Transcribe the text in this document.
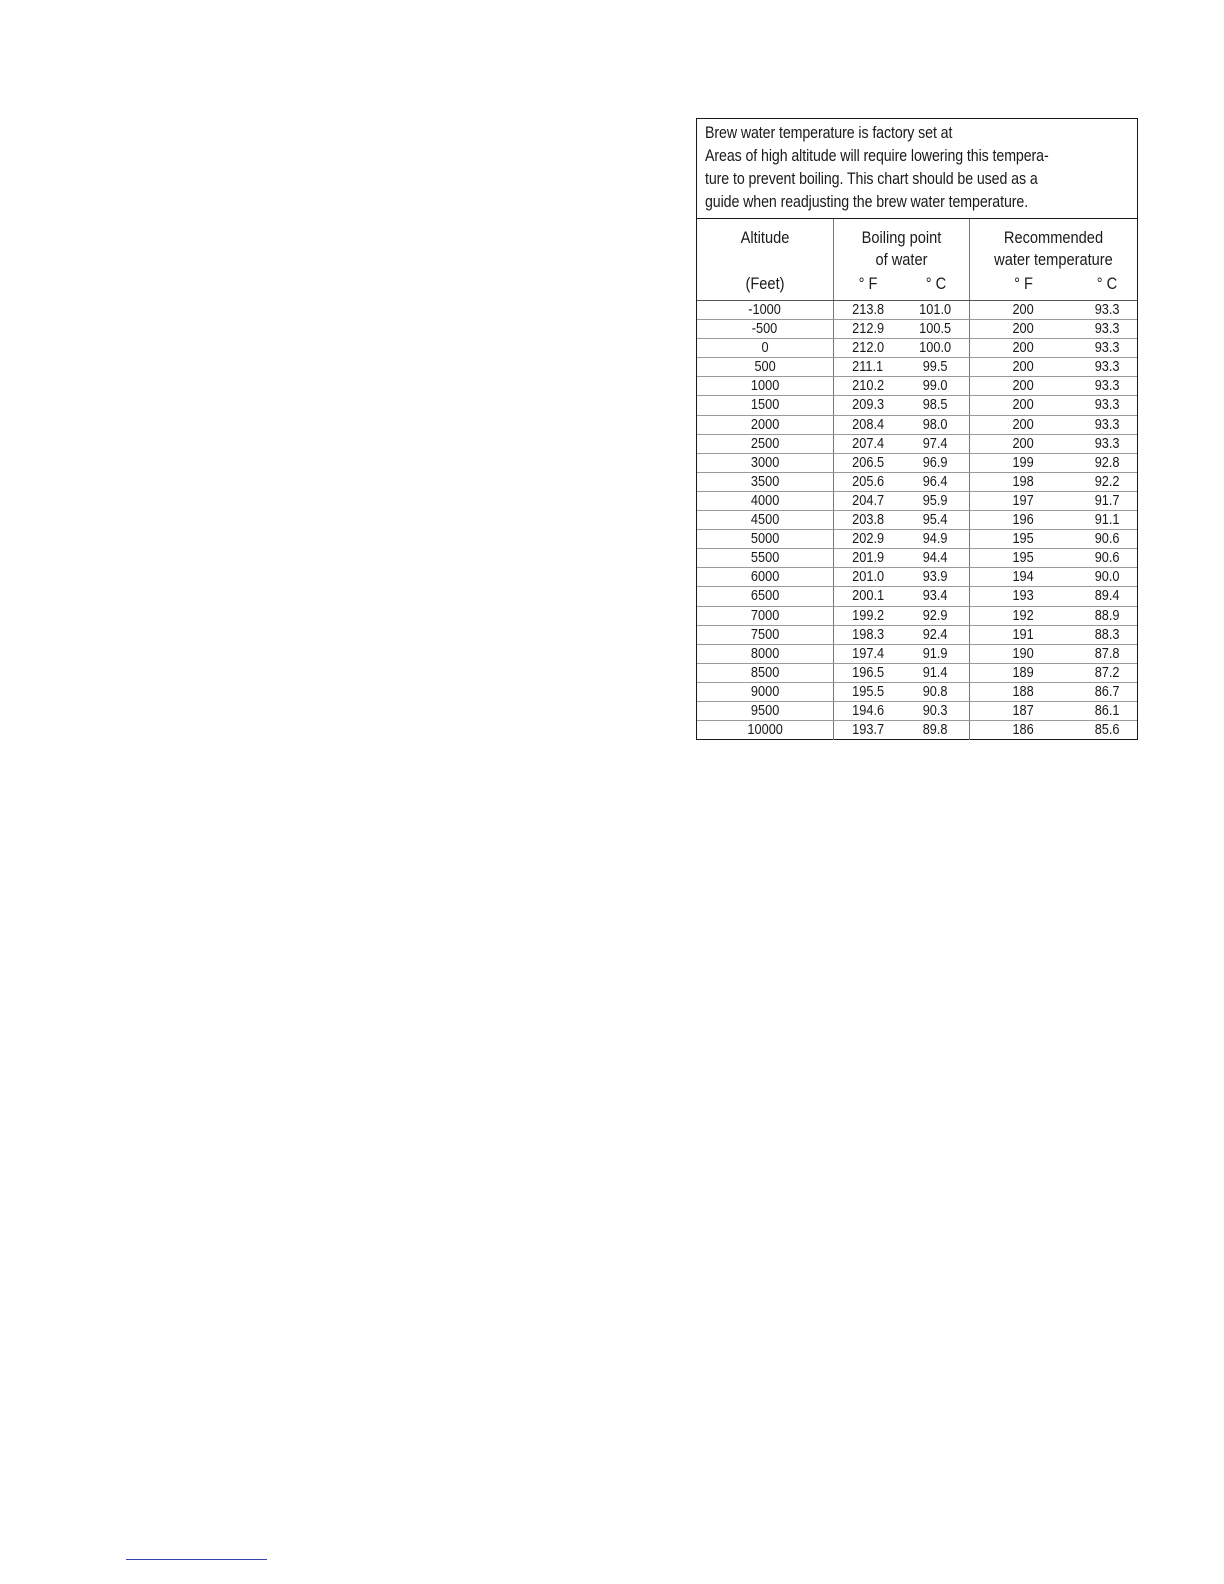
Brew water temperature is factory set at

Areas of high altitude will require lowering this tempera-

ture to prevent boiling. This chart should be used as a

guide when readjusting the brew water temperature.

Altitude
(Feet)
Boiling point
of water
° F	° C
Recommended
water temperature
° F	° C
-1000	213.8	101.0	200	93.3
-500	212.9	100.5	200	93.3
0	212.0	100.0	200	93.3
500	211.1	99.5	200	93.3
1000	210.2	99.0	200	93.3
1500	209.3	98.5	200	93.3
2000	208.4	98.0	200	93.3
2500	207.4	97.4	200	93.3
3000	206.5	96.9	199	92.8
3500	205.6	96.4	198	92.2
4000	204.7	95.9	197	91.7
4500	203.8	95.4	196	91.1
5000	202.9	94.9	195	90.6
5500	201.9	94.4	195	90.6
6000	201.0	93.9	194	90.0
6500	200.1	93.4	193	89.4
7000	199.2	92.9	192	88.9
7500	198.3	92.4	191	88.3
8000	197.4	91.9	190	87.8
8500	196.5	91.4	189	87.2
9000	195.5	90.8	188	86.7
9500	194.6	90.3	187	86.1
10000	193.7	89.8	186	85.6
